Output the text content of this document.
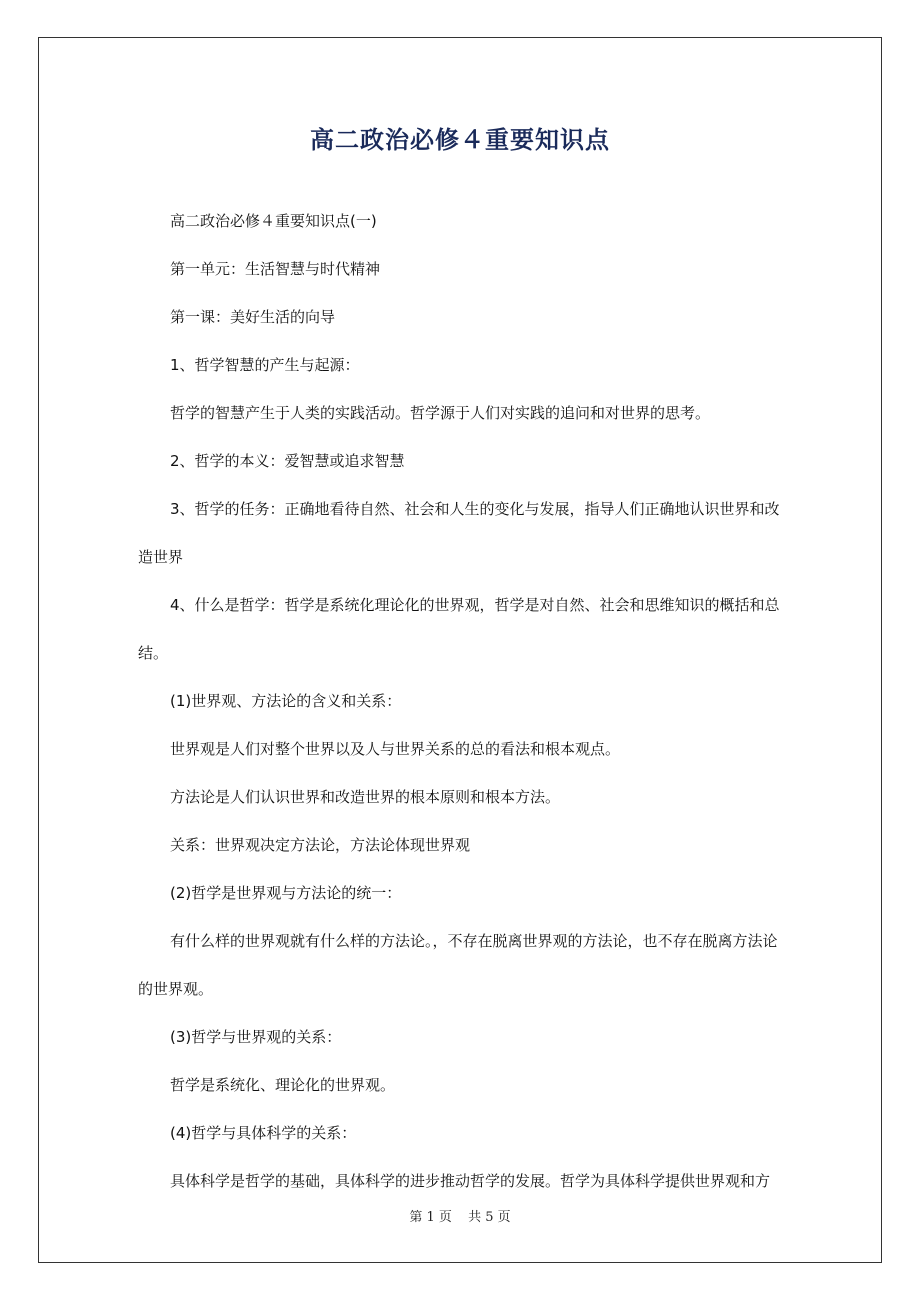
高二政治必修４重要知识点

高二政治必修４重要知识点(一)

第一单元：生活智慧与时代精神

第一课：美好生活的向导

1、哲学智慧的产生与起源：

哲学的智慧产生于人类的实践活动。哲学源于人们对实践的追问和对世界的思考。

2、哲学的本义：爱智慧或追求智慧

3、哲学的任务：正确地看待自然、社会和人生的变化与发展，指导人们正确地认识世界和改造世界

4、什么是哲学：哲学是系统化理论化的世界观，哲学是对自然、社会和思维知识的概括和总结。

(1)世界观、方法论的含义和关系：

世界观是人们对整个世界以及人与世界关系的总的看法和根本观点。

方法论是人们认识世界和改造世界的根本原则和根本方法。

关系：世界观决定方法论，方法论体现世界观

(2)哲学是世界观与方法论的统一：

有什么样的世界观就有什么样的方法论。，不存在脱离世界观的方法论，也不存在脱离方法论的世界观。

(3)哲学与世界观的关系：

哲学是系统化、理论化的世界观。

(4)哲学与具体科学的关系：

具体科学是哲学的基础，具体科学的进步推动哲学的发展。哲学为具体科学提供世界观和方

第 1 页 共 5 页
